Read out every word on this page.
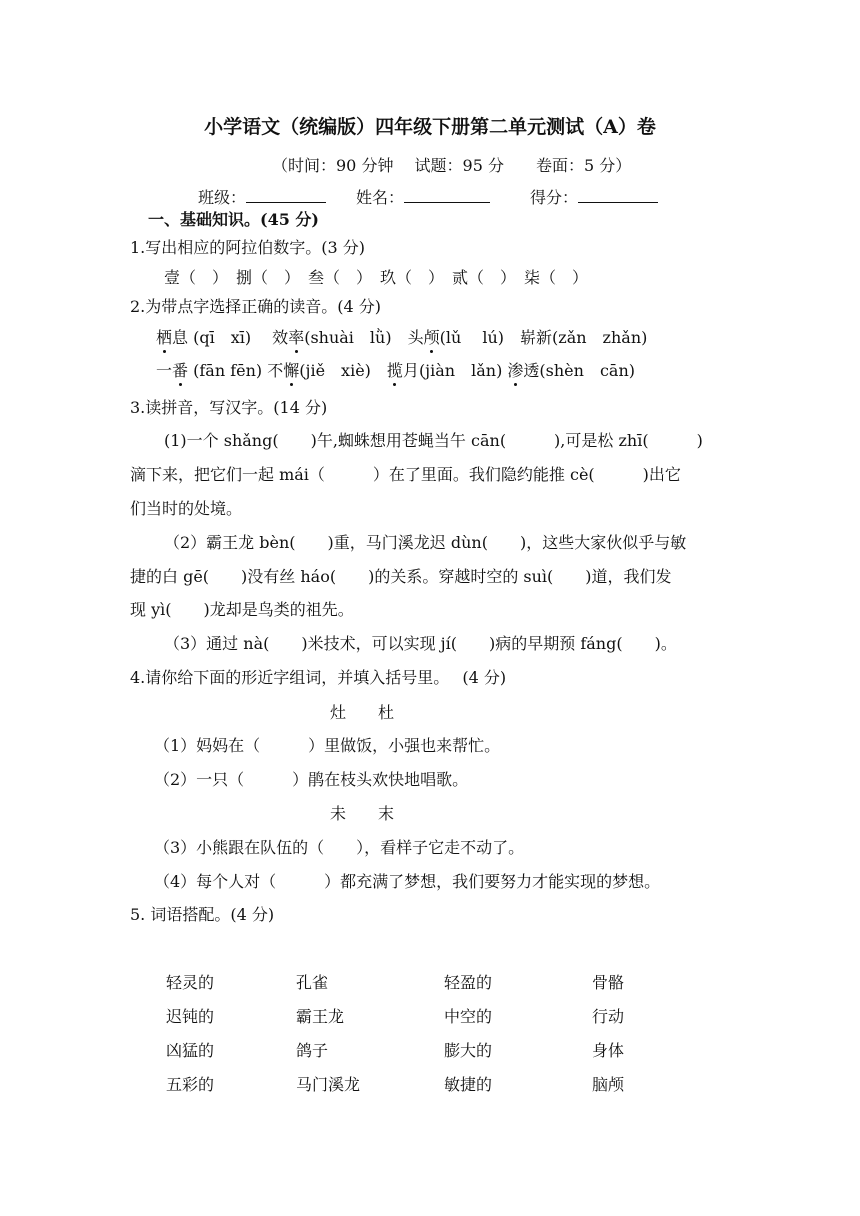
小学语文（统编版）四年级下册第二单元测试（A）卷
（时间：90 分钟　 试题：95 分　　卷面：5 分）
班级：	姓名：	得分：
一、基础知识。(45 分)
1.写出相应的阿拉伯数字。(3 分)
壹（　）　捌（　）　叁（　）　玖（　）　贰（　）　柒（　）
2.为带点字选择正确的读音。(4 分)
栖息 (qī　xī)　 效率(shuài　lǜ)　头颅(lǔ　 lú)　崭新(zǎn　zhǎn)
一番 (fān fēn) 不懈(jiě　xiè)　揽月(jiàn　lǎn) 渗透(shèn　cān)
3.读拼音，写汉字。(14 分)
(1)一个 shǎng(　　)午,蜘蛛想用苍蝇当午 cān(　　　),可是松 zhī(　　　)
滴下来，把它们一起 mái（　　　）在了里面。我们隐约能推 cè(　　　)出它
们当时的处境。
（2）霸王龙 bèn(　　)重，马门溪龙迟 dùn(　　)，这些大家伙似乎与敏
捷的白 gē(　　)没有丝 háo(　　)的关系。穿越时空的 suì(　　)道，我们发
现 yì(　　)龙却是鸟类的祖先。
（3）通过 nà(　　)米技术，可以实现 jí(　　)病的早期预 fáng(　　)。
4.请你给下面的形近字组词，并填入括号里。　 (4 分)
灶　　杜
（1）妈妈在（　　　）里做饭，小强也来帮忙。
（2）一只（　　　）鹃在枝头欢快地唱歌。
未　　末
（3）小熊跟在队伍的（　　），看样子它走不动了。
（4）每个人对（　　　）都充满了梦想，我们要努力才能实现的梦想。
5. 词语搭配。(4 分)
轻灵的
迟钝的
凶猛的
五彩的
孔雀
霸王龙
鸽子
马门溪龙
轻盈的
中空的
膨大的
敏捷的
骨骼
行动
身体
脑颅
